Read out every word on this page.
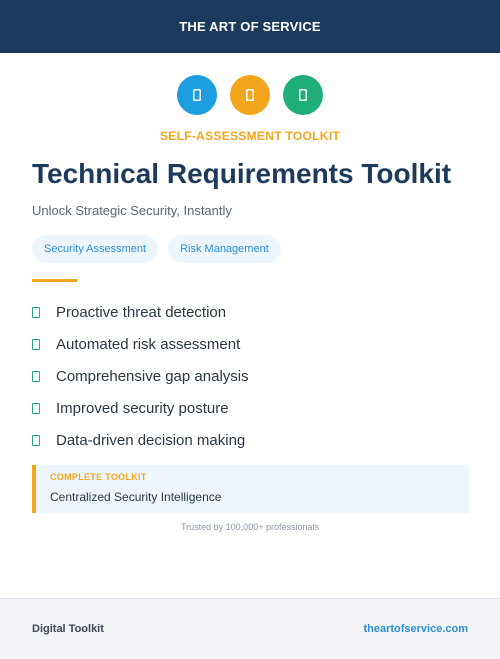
THE ART OF SERVICE
SELF-ASSESSMENT TOOLKIT
Technical Requirements Toolkit

Unlock Strategic Security, Instantly

Security Assessment	Risk Management
Proactive threat detection
Automated risk assessment
Comprehensive gap analysis
Improved security posture
Data-driven decision making
COMPLETE TOOLKIT
Centralized Security Intelligence
Trusted by 100,000+ professionals
Digital Toolkit	theartofservice.com
